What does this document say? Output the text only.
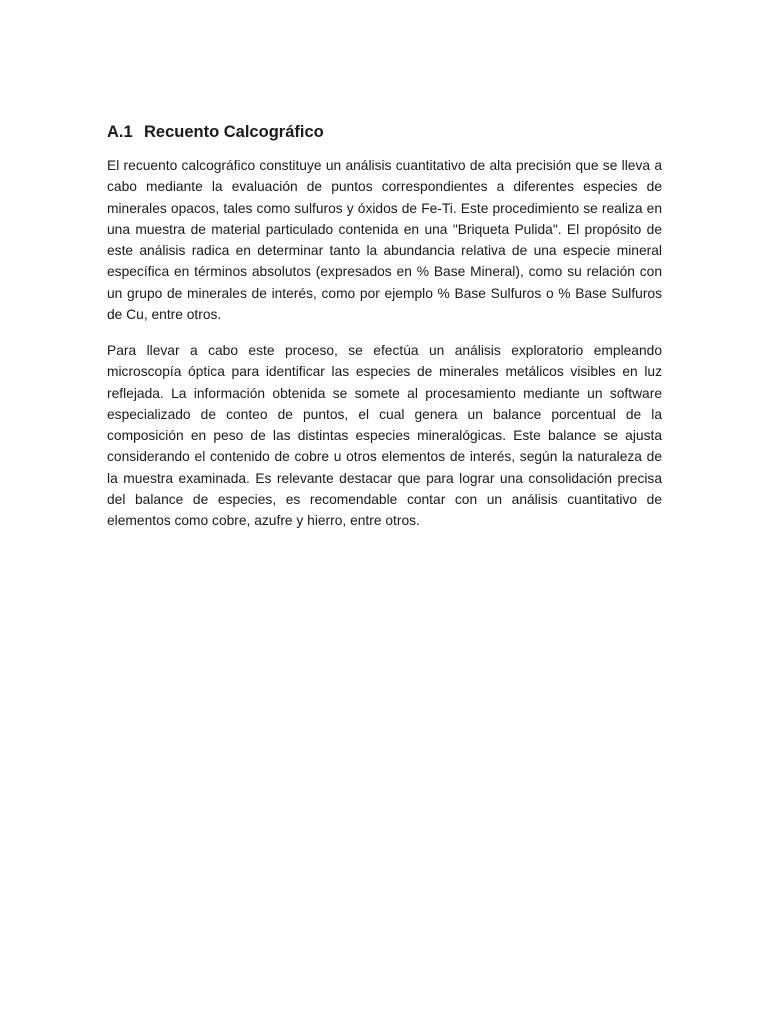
A.1 Recuento Calcográfico

El recuento calcográfico constituye un análisis cuantitativo de alta precisión que se lleva a cabo mediante la evaluación de puntos correspondientes a diferentes especies de minerales opacos, tales como sulfuros y óxidos de Fe-Ti. Este procedimiento se realiza en una muestra de material particulado contenida en una "Briqueta Pulida". El propósito de este análisis radica en determinar tanto la abundancia relativa de una especie mineral específica en términos absolutos (expresados en % Base Mineral), como su relación con un grupo de minerales de interés, como por ejemplo % Base Sulfuros o % Base Sulfuros de Cu, entre otros.

Para llevar a cabo este proceso, se efectúa un análisis exploratorio empleando microscopía óptica para identificar las especies de minerales metálicos visibles en luz reflejada. La información obtenida se somete al procesamiento mediante un software especializado de conteo de puntos, el cual genera un balance porcentual de la composición en peso de las distintas especies mineralógicas. Este balance se ajusta considerando el contenido de cobre u otros elementos de interés, según la naturaleza de la muestra examinada. Es relevante destacar que para lograr una consolidación precisa del balance de especies, es recomendable contar con un análisis cuantitativo de elementos como cobre, azufre y hierro, entre otros.
